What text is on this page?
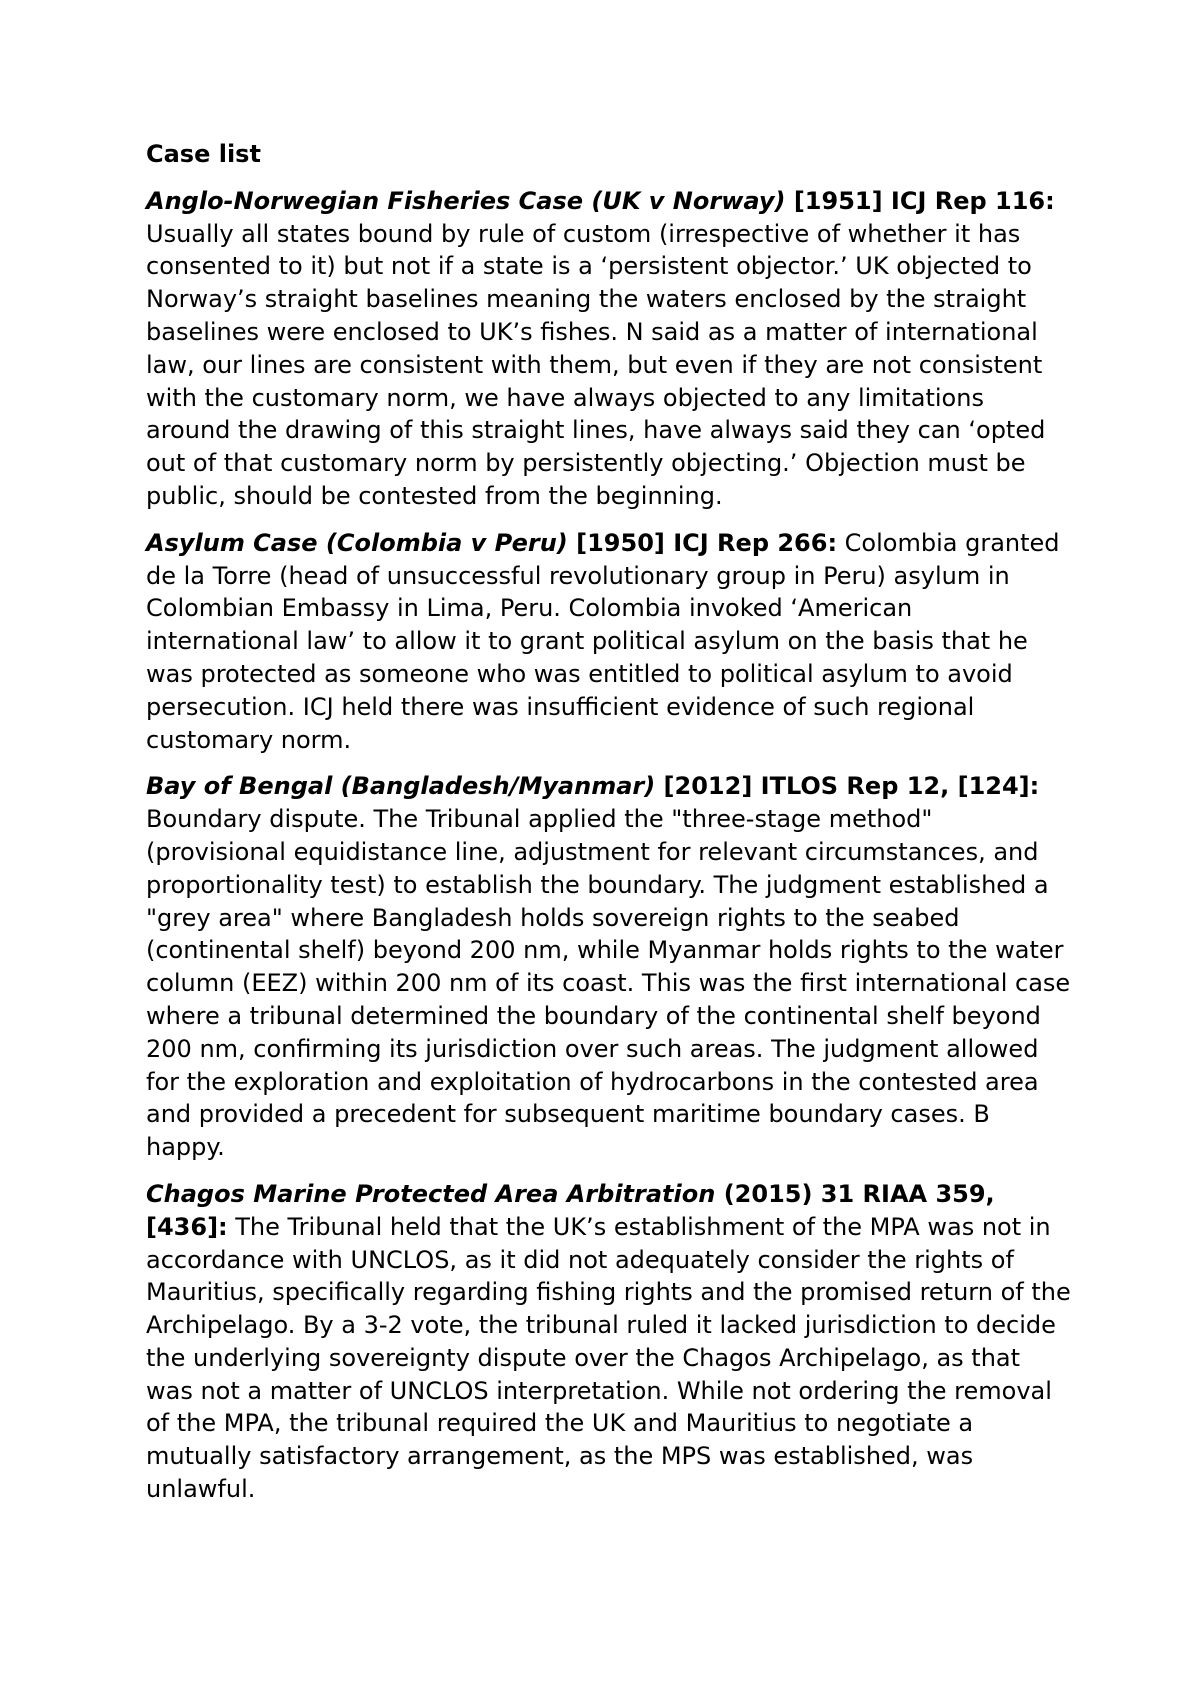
Case list

Anglo-Norwegian Fisheries Case (UK v Norway) [1951] ICJ Rep 116: Usually all states bound by rule of custom (irrespective of whether it has consented to it) but not if a state is a ‘persistent objector.’ UK objected to Norway’s straight baselines meaning the waters enclosed by the straight baselines were enclosed to UK’s fishes. N said as a matter of international law, our lines are consistent with them, but even if they are not consistent with the customary norm, we have always objected to any limitations around the drawing of this straight lines, have always said they can ‘opted out of that customary norm by persistently objecting.’ Objection must be public, should be contested from the beginning.

Asylum Case (Colombia v Peru) [1950] ICJ Rep 266: Colombia granted de la Torre (head of unsuccessful revolutionary group in Peru) asylum in Colombian Embassy in Lima, Peru. Colombia invoked ‘American international law’ to allow it to grant political asylum on the basis that he was protected as someone who was entitled to political asylum to avoid persecution. ICJ held there was insufficient evidence of such regional customary norm.

Bay of Bengal (Bangladesh/Myanmar) [2012] ITLOS Rep 12, [124]: Boundary dispute. The Tribunal applied the "three-stage method" (provisional equidistance line, adjustment for relevant circumstances, and proportionality test) to establish the boundary. The judgment established a "grey area" where Bangladesh holds sovereign rights to the seabed (continental shelf) beyond 200 nm, while Myanmar holds rights to the water column (EEZ) within 200 nm of its coast. This was the first international case where a tribunal determined the boundary of the continental shelf beyond 200 nm, confirming its jurisdiction over such areas. The judgment allowed for the exploration and exploitation of hydrocarbons in the contested area and provided a precedent for subsequent maritime boundary cases. B happy.

Chagos Marine Protected Area Arbitration (2015) 31 RIAA 359, [436]: The Tribunal held that the UK’s establishment of the MPA was not in accordance with UNCLOS, as it did not adequately consider the rights of Mauritius, specifically regarding fishing rights and the promised return of the Archipelago. By a 3-2 vote, the tribunal ruled it lacked jurisdiction to decide the underlying sovereignty dispute over the Chagos Archipelago, as that was not a matter of UNCLOS interpretation. While not ordering the removal of the MPA, the tribunal required the UK and Mauritius to negotiate a mutually satisfactory arrangement, as the MPS was established, was unlawful.
